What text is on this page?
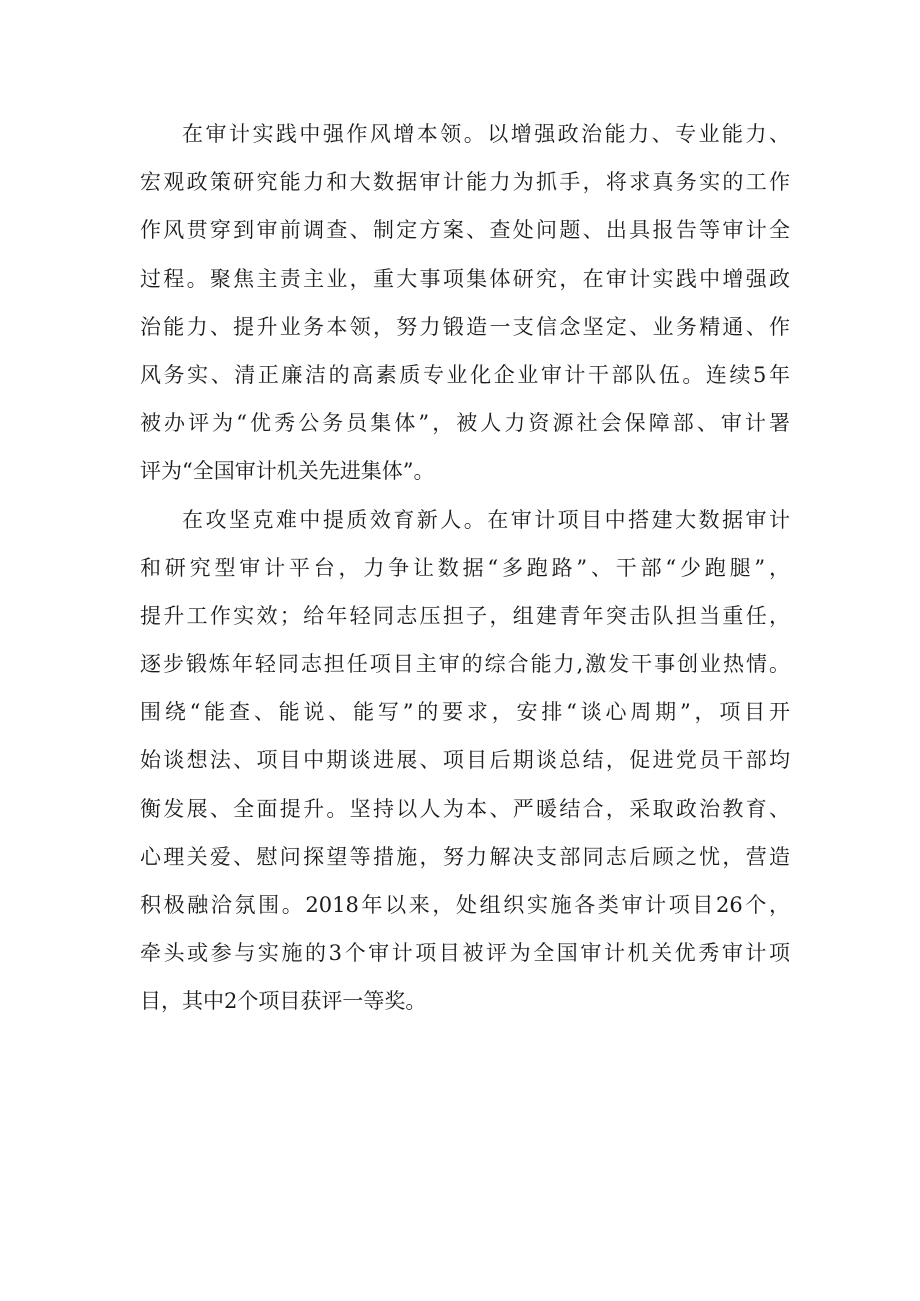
在审计实践中强作风增本领。以增强政治能力、专业能力、
宏观政策研究能力和大数据审计能力为抓手，将求真务实的工作
作风贯穿到审前调查、制定方案、查处问题、出具报告等审计全
过程。聚焦主责主业，重大事项集体研究，在审计实践中增强政
治能力、提升业务本领，努力锻造一支信念坚定、业务精通、作
风务实、清正廉洁的高素质专业化企业审计干部队伍。连续5年
被办评为“优秀公务员集体”，被人力资源社会保障部、审计署
评为“全国审计机关先进集体”。
在攻坚克难中提质效育新人。在审计项目中搭建大数据审计
和研究型审计平台，力争让数据“多跑路”、干部“少跑腿”，
提升工作实效；给年轻同志压担子，组建青年突击队担当重任，
逐步锻炼年轻同志担任项目主审的综合能力,激发干事创业热情。
围绕“能查、能说、能写”的要求，安排“谈心周期”，项目开
始谈想法、项目中期谈进展、项目后期谈总结，促进党员干部均
衡发展、全面提升。坚持以人为本、严暖结合，采取政治教育、
心理关爱、慰问探望等措施，努力解决支部同志后顾之忧，营造
积极融洽氛围。2018年以来，处组织实施各类审计项目26个，
牵头或参与实施的3个审计项目被评为全国审计机关优秀审计项
目，其中2个项目获评一等奖。
